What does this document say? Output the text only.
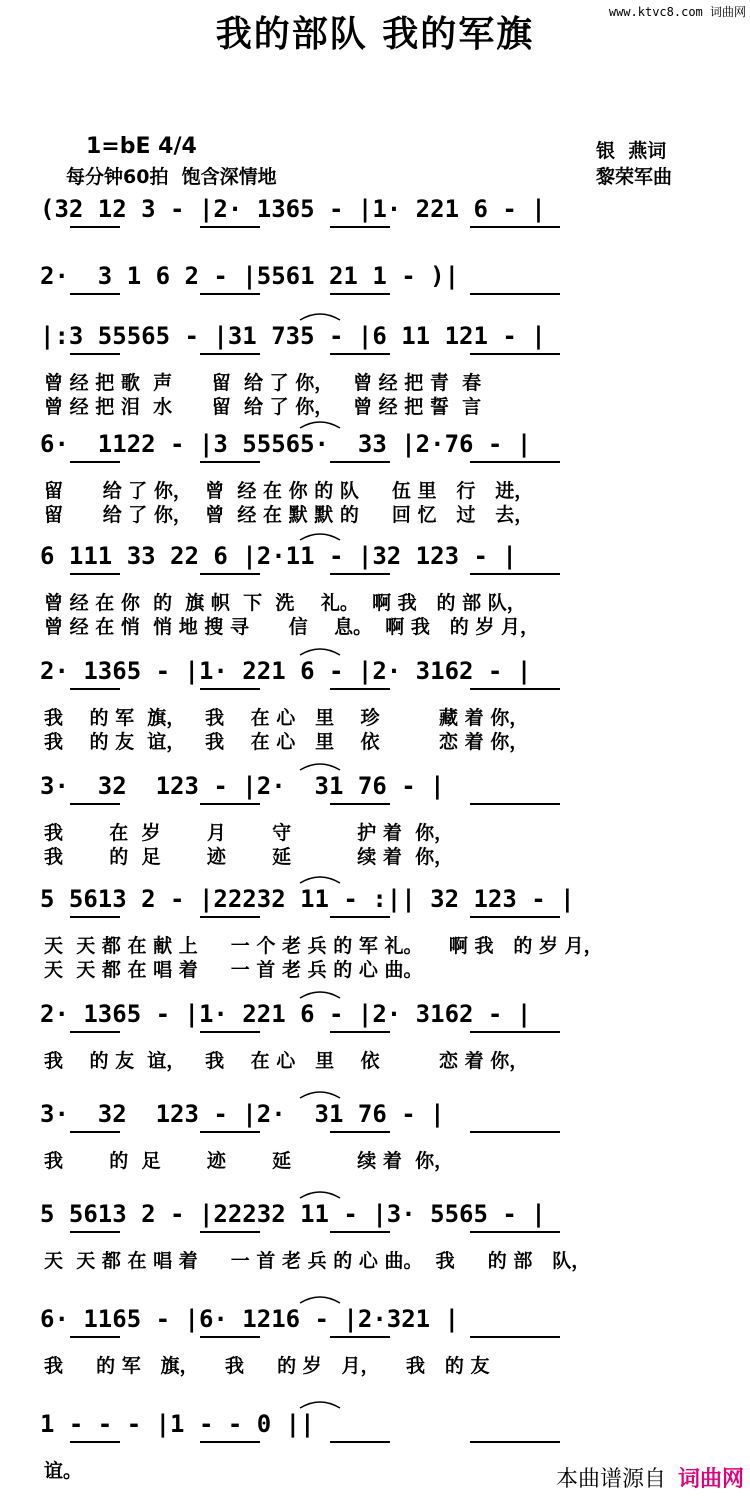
我的部队 我的军旗
www.ktvc8.com 词曲网
1=bE 4/4
每分钟60拍  饱含深情地
银  燕词
黎荣军曲
(32 12 3 - |2· 1365 - |1· 221 6 - |
2·  3 1 6 2 - |5561 21 1 - )|
|:3 55565 - |31 735 - |6 11 121 - |
曾 经 把 歌  声      留  给 了 你，   曾 经 把 青  春
曾 经 把 泪  水      留  给 了 你，   曾 经 把 誓  言
6·  1122 - |3 55565·  33 |2·76 - |
留      给 了 你，  曾  经 在 你 的 队     伍 里   行   进，
留      给 了 你，  曾  经 在 默 默 的     回 忆   过   去，
6 111 33 22 6 |2·11 - |32 123 - |
曾 经 在 你  的  旗 帜  下  洗    礼。  啊 我   的 部 队，
曾 经 在 悄  悄 地 搜 寻      信    息。  啊 我   的 岁 月，
2· 1365 - |1· 221 6 - |2· 3162 - |
我    的 军  旗，   我    在 心   里    珍         藏 着 你，
我    的 友  谊，   我    在 心   里    依         恋 着 你，
3·  32  123 - |2·  31 76 - |
我       在  岁       月       守          护 着  你，
我       的  足       迹       延          续 着  你，
5 5613 2 - |22232 11 - :|| 32 123 - |
天  天 都 在 献 上     一 个 老 兵 的 军 礼。    啊 我   的 岁 月，
天  天 都 在 唱 着     一 首 老 兵 的 心 曲。
2· 1365 - |1· 221 6 - |2· 3162 - |
我    的 友  谊，   我    在 心   里    依         恋 着 你，
3·  32  123 - |2·  31 76 - |
我       的  足       迹       延          续 着  你，
5 5613 2 - |22232 11 - |3· 5565 - |
天  天 都 在 唱 着     一 首 老 兵 的 心 曲。  我     的 部   队，
6· 1165 - |6· 1216 - |2·321 |
我     的 军   旗，    我     的 岁   月，    我   的 友
1 - - - |1 - - 0 ||
谊。	本曲谱源自 词曲网
